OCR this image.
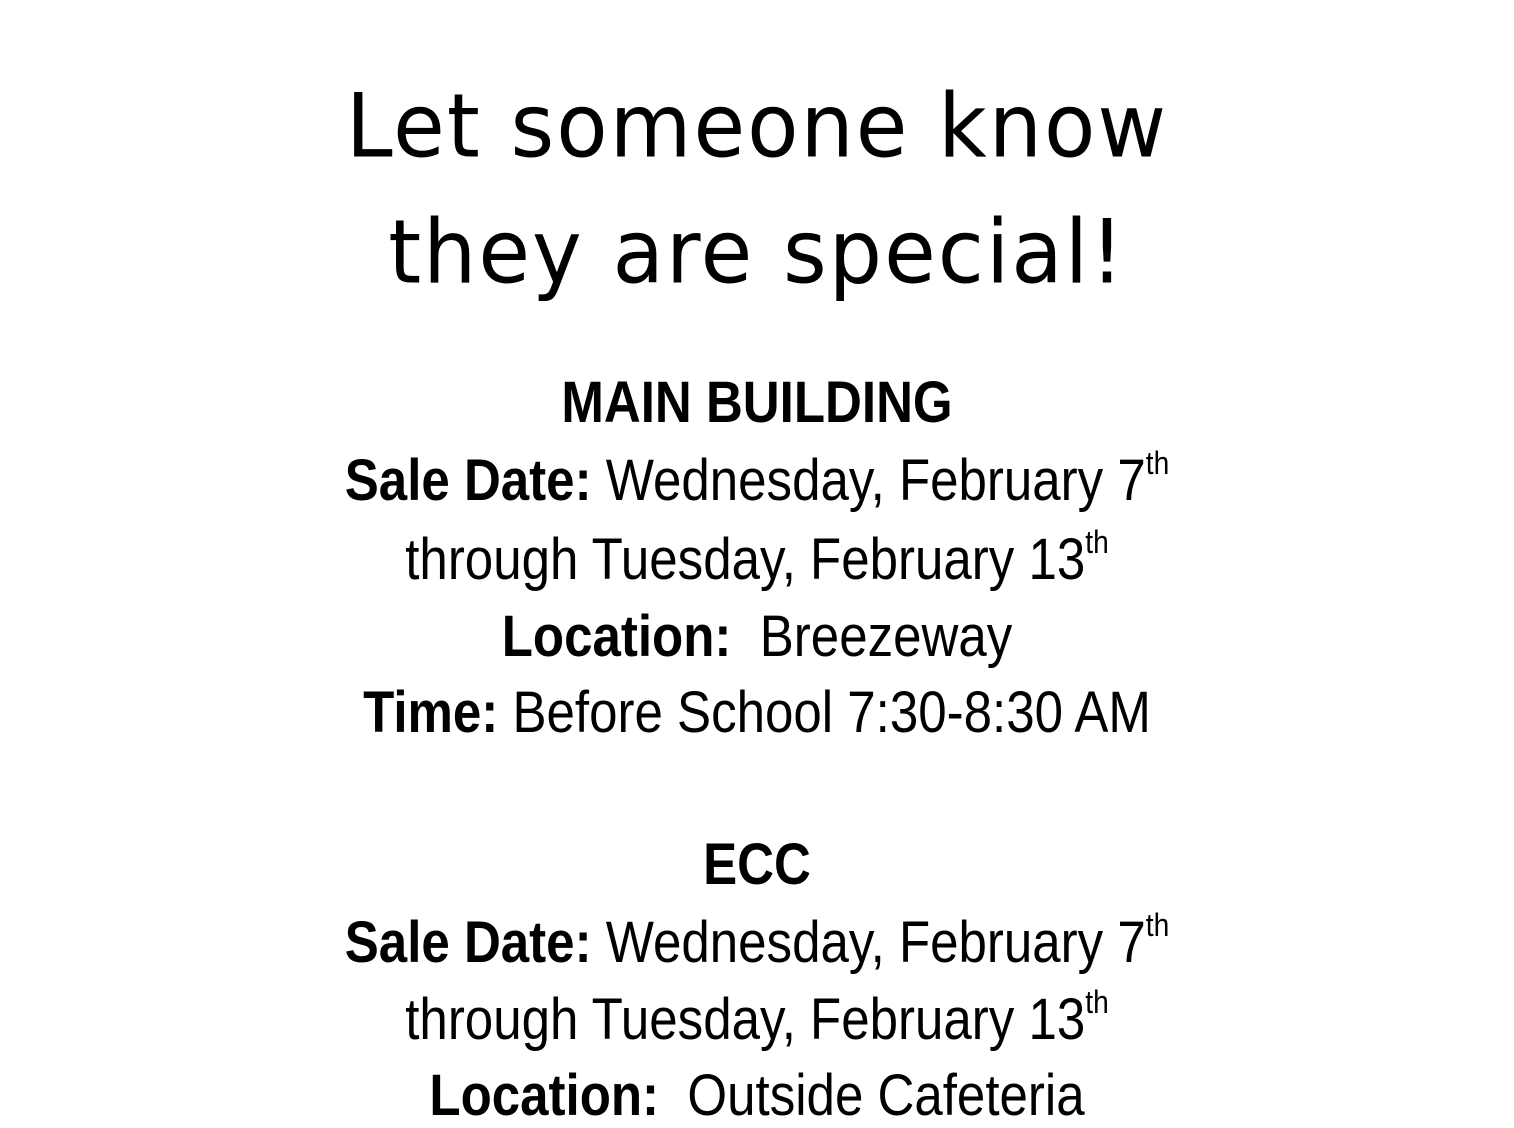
Let someone know
they are special!
MAIN BUILDING
Sale Date: Wednesday, February 7th
through Tuesday, February 13th
Location: Breezeway
Time: Before School 7:30-8:30 AM
ECC
Sale Date: Wednesday, February 7th
through Tuesday, February 13th
Location: Outside Cafeteria
